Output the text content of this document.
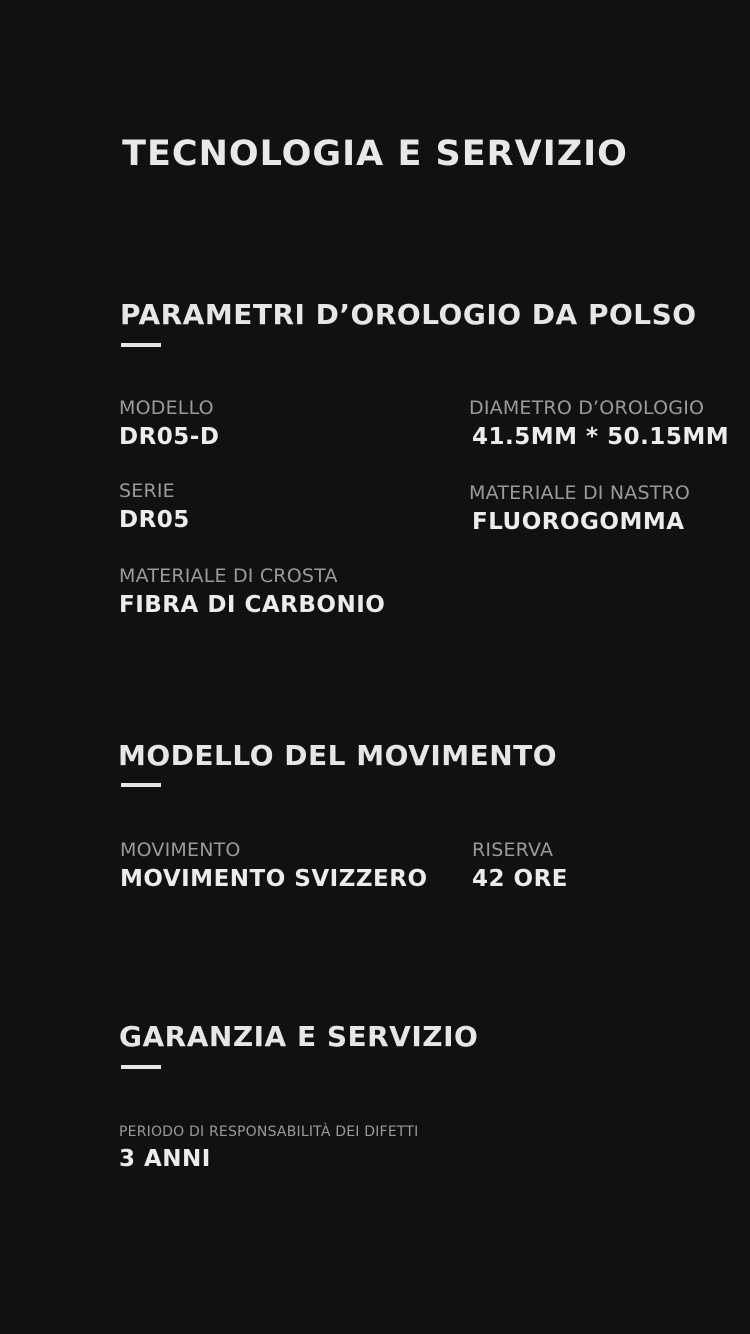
TECNOLOGIA E SERVIZIO
PARAMETRI D’OROLOGIO DA POLSO
MODELLO
DR05-D
DIAMETRO D’OROLOGIO
41.5MM * 50.15MM
SERIE
DR05
MATERIALE DI NASTRO
FLUOROGOMMA
MATERIALE DI CROSTA
FIBRA DI CARBONIO
MODELLO DEL MOVIMENTO
MOVIMENTO
MOVIMENTO SVIZZERO
RISERVA
42 ORE
GARANZIA E SERVIZIO
PERIODO DI RESPONSABILITÀ DEI DIFETTI
3 ANNI
